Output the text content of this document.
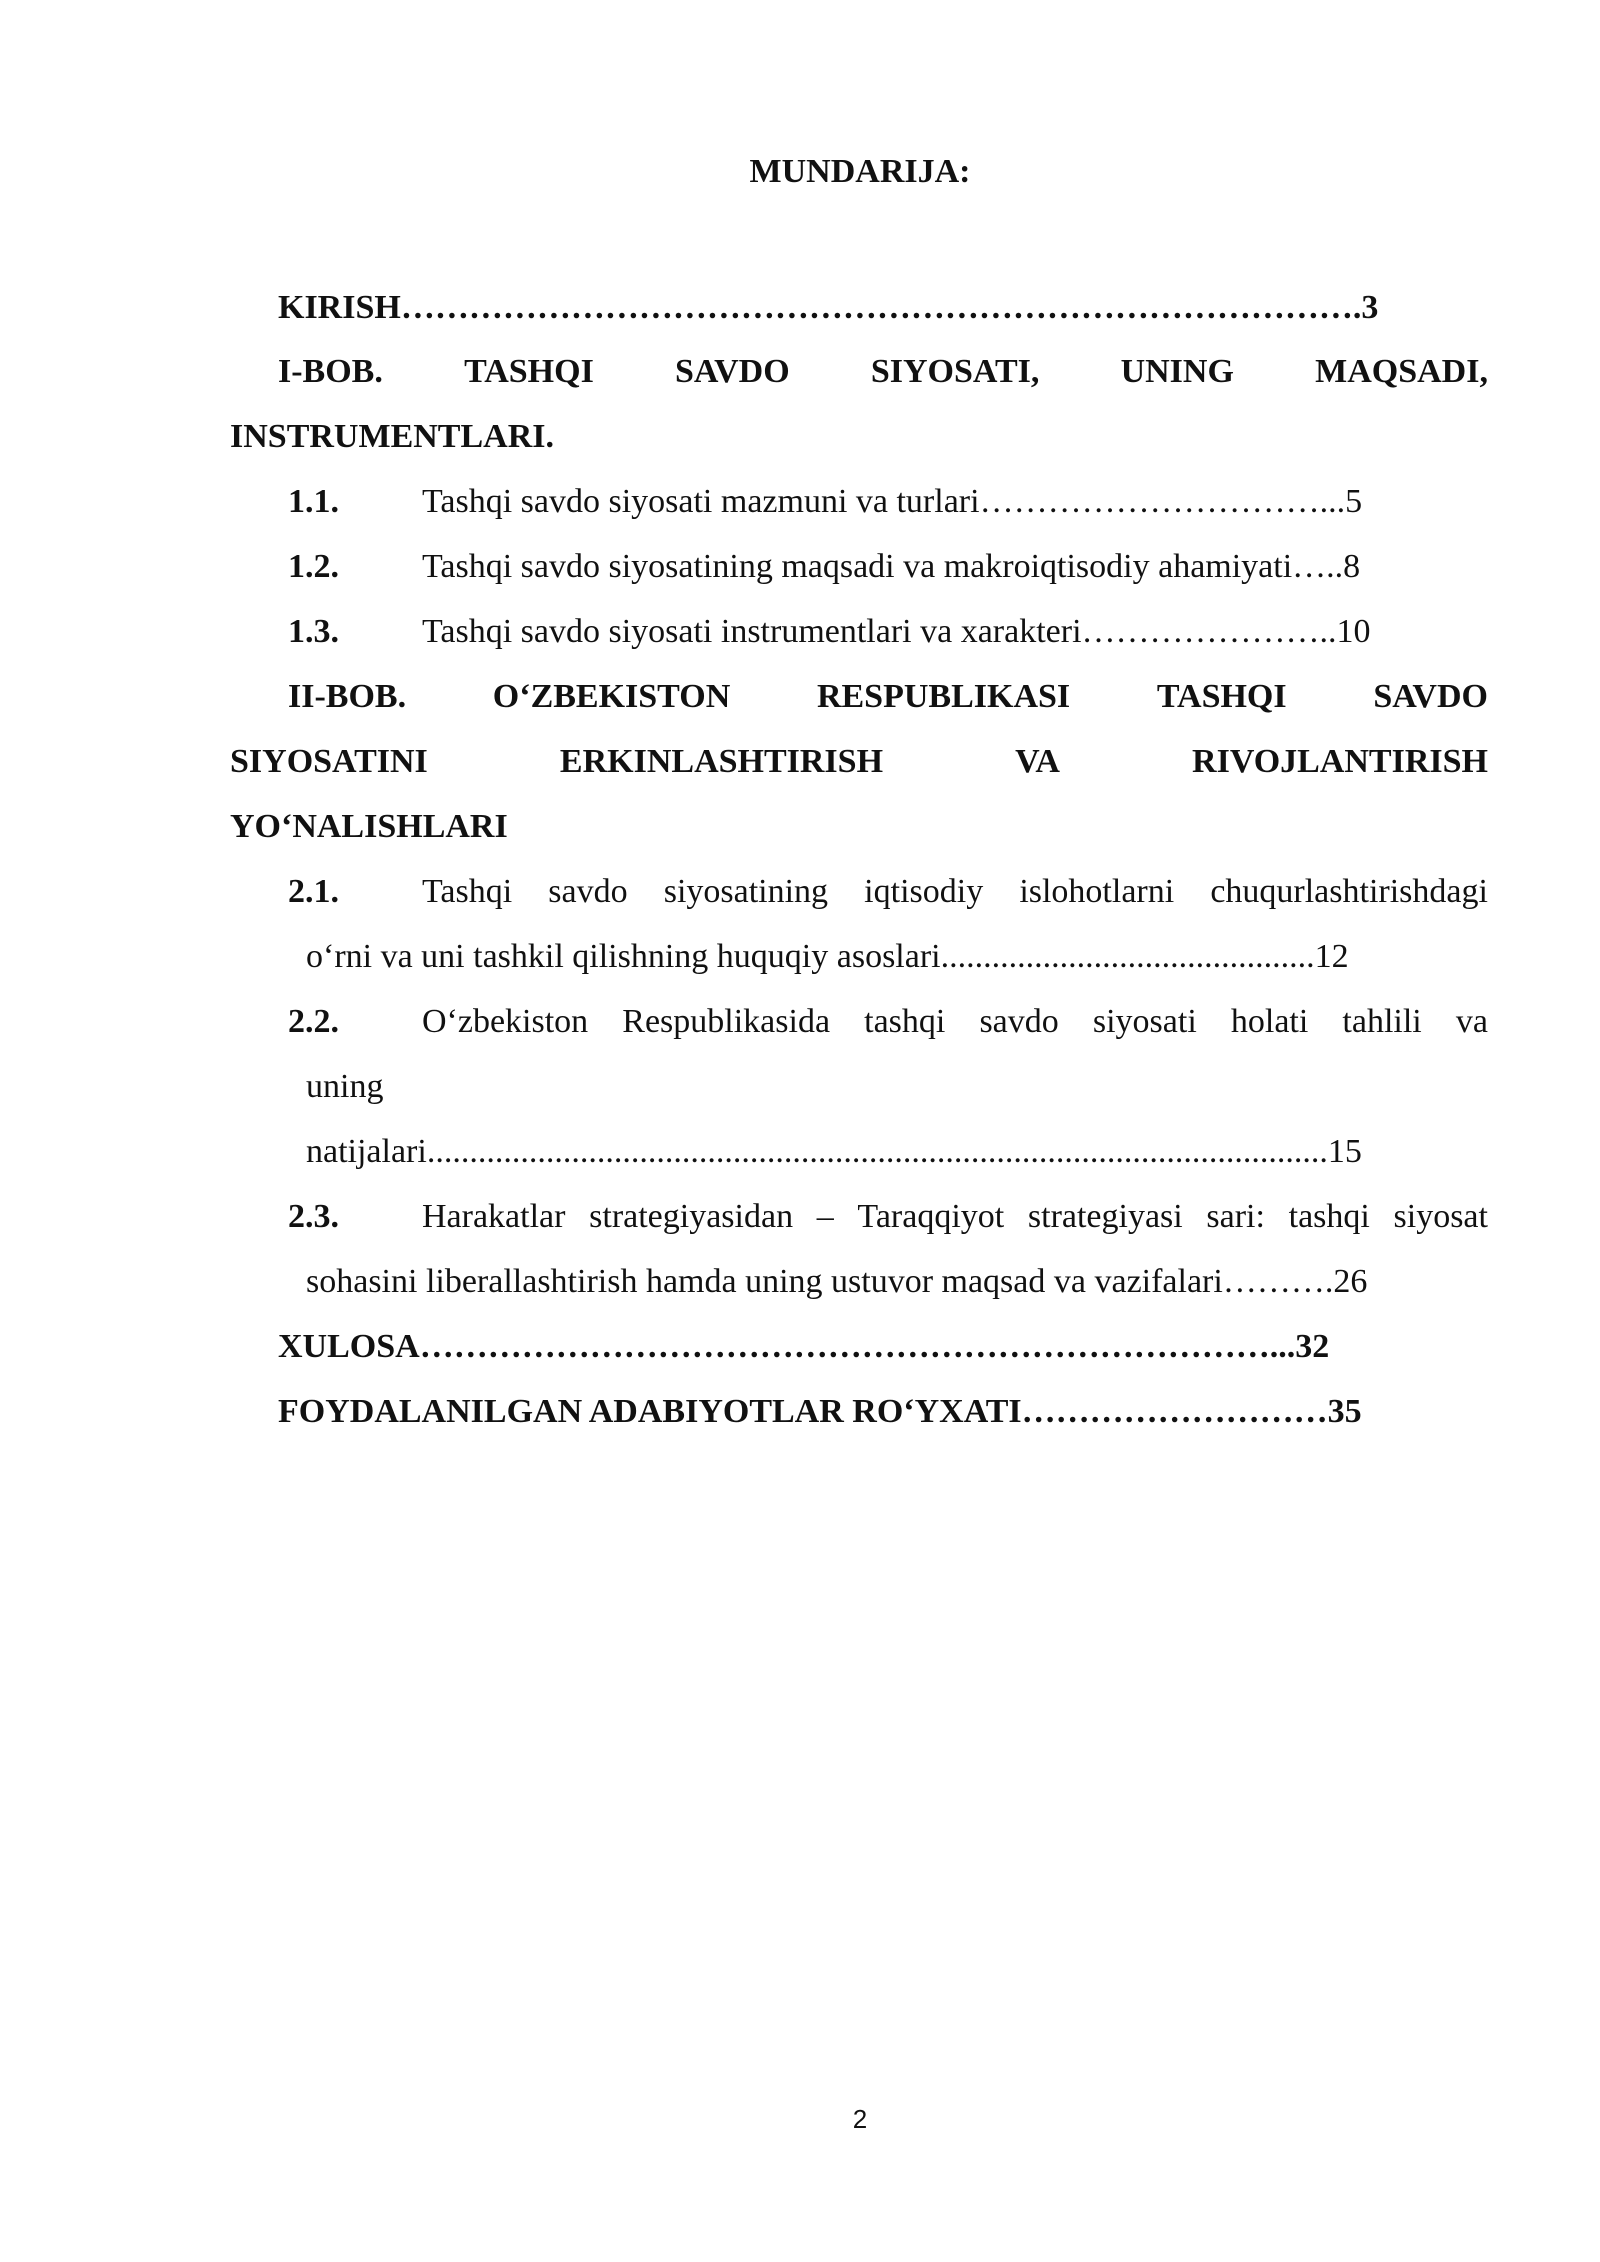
MUNDARIJA:
KIRISH………………………………………………………………………….3
I-BOB. TASHQI SAVDO SIYOSATI, UNING MAQSADI,
INSTRUMENTLARI.
1.1. Tashqi savdo siyosati mazmuni va turlari…………………………...5
1.2. Tashqi savdo siyosatining maqsadi va makroiqtisodiy ahamiyati…..8
1.3. Tashqi savdo siyosati instrumentlari va xarakteri…………………..10
II-BOB.	O‘ZBEKISTON	RESPUBLIKASI	TASHQI	SAVDO
SIYOSATINI	ERKINLASHTIRISH	VA	RIVOJLANTIRISH
YO‘NALISHLARI
2.1. Tashqi savdo siyosatining iqtisodiy islohotlarni chuqurlashtirishdagi
o‘rni va uni tashkil qilishning huquqiy asoslari............................................12
2.2. O‘zbekiston Respublikasida tashqi savdo siyosati holati tahlili va
uning
natijalari..........................................................................................................15
2.3. Harakatlar strategiyasidan – Taraqqiyot strategiyasi sari: tashqi siyosat
sohasini liberallashtirish hamda uning ustuvor maqsad va vazifalari……….26
XULOSA…………………………………………………………………...32
FOYDALANILGAN ADABIYOTLAR RO‘YXATI………………………35
2
